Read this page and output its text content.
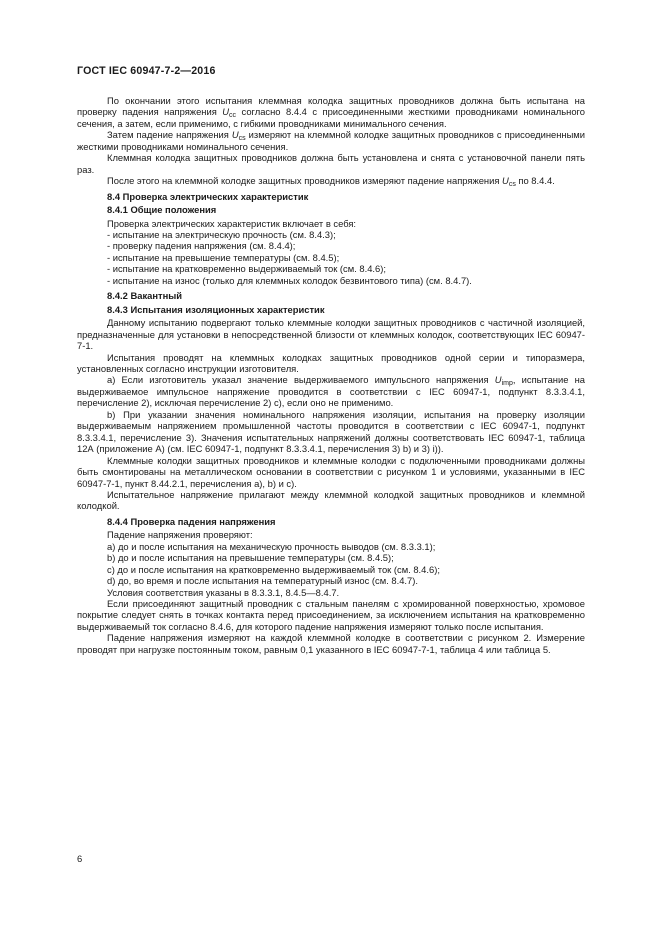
ГОСТ IEC 60947-7-2—2016

По окончании этого испытания клеммная колодка защитных проводников должна быть испытана на проверку падения напряжения $U_{cc}$ согласно 8.4.4 с присоединенными жесткими проводниками номинального сечения, а затем, если применимо, с гибкими проводниками минимального сечения.

Затем падение напряжения $U_{cs}$ измеряют на клеммной колодке защитных проводников с присоединенными жесткими проводниками номинального сечения.

Клеммная колодка защитных проводников должна быть установлена и снята с установочной панели пять раз.

После этого на клеммной колодке защитных проводников измеряют падение напряжения $U_{cs}$ по 8.4.4.

8.4 Проверка электрических характеристик
8.4.1 Общие положения

Проверка электрических характеристик включает в себя:

- испытание на электрическую прочность (см. 8.4.3);
- проверку падения напряжения (см. 8.4.4);
- испытание на превышение температуры (см. 8.4.5);
- испытание на кратковременно выдерживаемый ток (см. 8.4.6);
- испытание на износ (только для клеммных колодок безвинтового типа) (см. 8.4.7).
8.4.2 Вакантный
8.4.3 Испытания изоляционных характеристик

Данному испытанию подвергают только клеммные колодки защитных проводников с частичной изоляцией, предназначенные для установки в непосредственной близости от клеммных колодок, соответствующих IEC 60947-7-1.

Испытания проводят на клеммных колодках защитных проводников одной серии и типоразмера, установленных согласно инструкции изготовителя.

а) Если изготовитель указал значение выдерживаемого импульсного напряжения $U_{imp}$, испытание на выдерживаемое импульсное напряжение проводится в соответствии с IEC 60947-1, подпункт 8.3.3.4.1, перечисление 2), исключая перечисление 2) с), если оно не применимо.

b) При указании значения номинального напряжения изоляции, испытания на проверку изоляции выдерживаемым напряжением промышленной частоты проводится в соответствии с IEC 60947-1, подпункт 8.3.3.4.1, перечисление 3). Значения испытательных напряжений должны соответствовать IEC 60947-1, таблица 12А (приложение А) (см. IEC 60947-1, подпункт 8.3.3.4.1, перечисления 3) b) и 3) i)).

Клеммные колодки защитных проводников и клеммные колодки с подключенными проводниками должны быть смонтированы на металлическом основании в соответствии с рисунком 1 и условиями, указанными в IEC 60947-7-1, пункт 8.44.2.1, перечисления а), b) и с).

Испытательное напряжение прилагают между клеммной колодкой защитных проводников и клеммной колодкой.

8.4.4 Проверка падения напряжения

Падение напряжения проверяют:

а) до и после испытания на механическую прочность выводов (см. 8.3.3.1);
b) до и после испытания на превышение температуры (см. 8.4.5);
с) до и после испытания на кратковременно выдерживаемый ток (см. 8.4.6);
d) до, во время и после испытания на температурный износ (см. 8.4.7).

Условия соответствия указаны в 8.3.3.1, 8.4.5—8.4.7.

Если присоединяют защитный проводник с стальным панелям с хромированной поверхностью, хромовое покрытие следует снять в точках контакта перед присоединением, за исключением испытания на кратковременно выдерживаемый ток согласно 8.4.6, для которого падение напряжения измеряют только после испытания.

Падение напряжения измеряют на каждой клеммной колодке в соответствии с рисунком 2. Измерение проводят при нагрузке постоянным током, равным 0,1 указанного в IEC 60947-7-1, таблица 4 или таблица 5.

6
